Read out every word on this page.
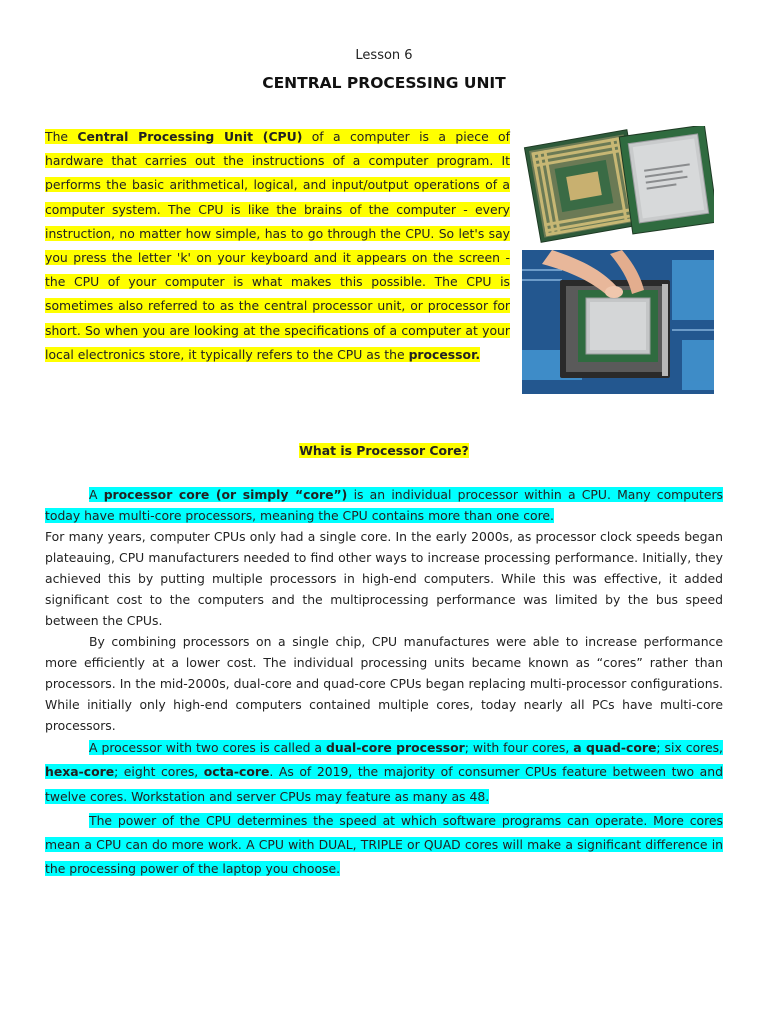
Lesson 6
CENTRAL PROCESSING UNIT

The Central Processing Unit (CPU) of a computer is a piece of hardware that carries out the instructions of a computer program. It performs the basic arithmetical, logical, and input/output operations of a computer system. The CPU is like the brains of the computer - every instruction, no matter how simple, has to go through the CPU. So let's say you press the letter 'k' on your keyboard and it appears on the screen - the CPU of your computer is what makes this possible. The CPU is sometimes also referred to as the central processor unit, or processor for short. So when you are looking at the specifications of a computer at your local electronics store, it typically refers to the CPU as the processor.

What is Processor Core?

A processor core (or simply “core”) is an individual processor within a CPU. Many computers today have multi-core processors, meaning the CPU contains more than one core.

For many years, computer CPUs only had a single core. In the early 2000s, as processor clock speeds began plateauing, CPU manufacturers needed to find other ways to increase processing performance. Initially, they achieved this by putting multiple processors in high-end computers. While this was effective, it added significant cost to the computers and the multiprocessing performance was limited by the bus speed between the CPUs.

By combining processors on a single chip, CPU manufactures were able to increase performance more efficiently at a lower cost. The individual processing units became known as “cores” rather than processors. In the mid-2000s, dual-core and quad-core CPUs began replacing multi-processor configurations. While initially only high-end computers contained multiple cores, today nearly all PCs have multi-core processors.

A processor with two cores is called a dual-core processor; with four cores, a quad-core; six cores, hexa-core; eight cores, octa-core. As of 2019, the majority of consumer CPUs feature between two and twelve cores. Workstation and server CPUs may feature as many as 48.

The power of the CPU determines the speed at which software programs can operate. More cores mean a CPU can do more work. A CPU with DUAL, TRIPLE or QUAD cores will make a significant difference in the processing power of the laptop you choose.
